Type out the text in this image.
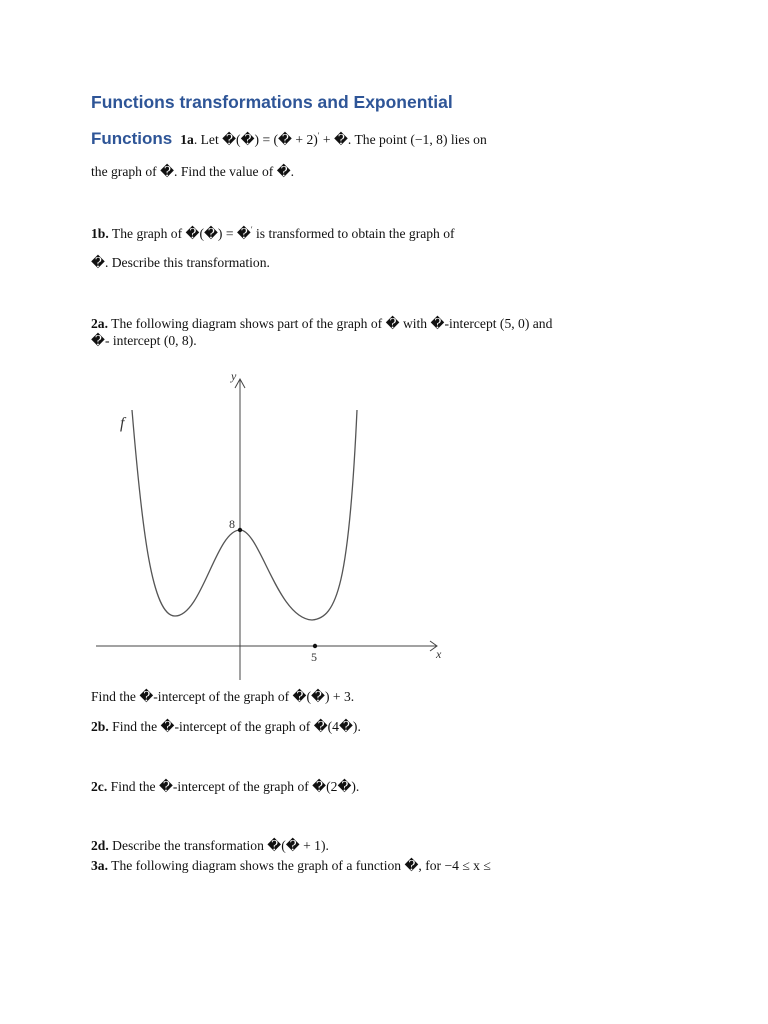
Functions transformations and Exponential
Functions 1a. Let �(�) = (� + 2)′ + �. The point (−1, 8) lies on
the graph of �. Find the value of �.
1b. The graph of �(�) = �′ is transformed to obtain the graph of
�. Describe this transformation.
2a. The following diagram shows part of the graph of � with �-intercept (5, 0) and
�- intercept (0, 8).
y
x
f
8
5
Find the �-intercept of the graph of �(�) + 3.
2b. Find the �-intercept of the graph of �(4�).
2c. Find the �-intercept of the graph of �(2�).
2d. Describe the transformation �(� + 1).
3a. The following diagram shows the graph of a function �, for −4 ≤ x ≤
